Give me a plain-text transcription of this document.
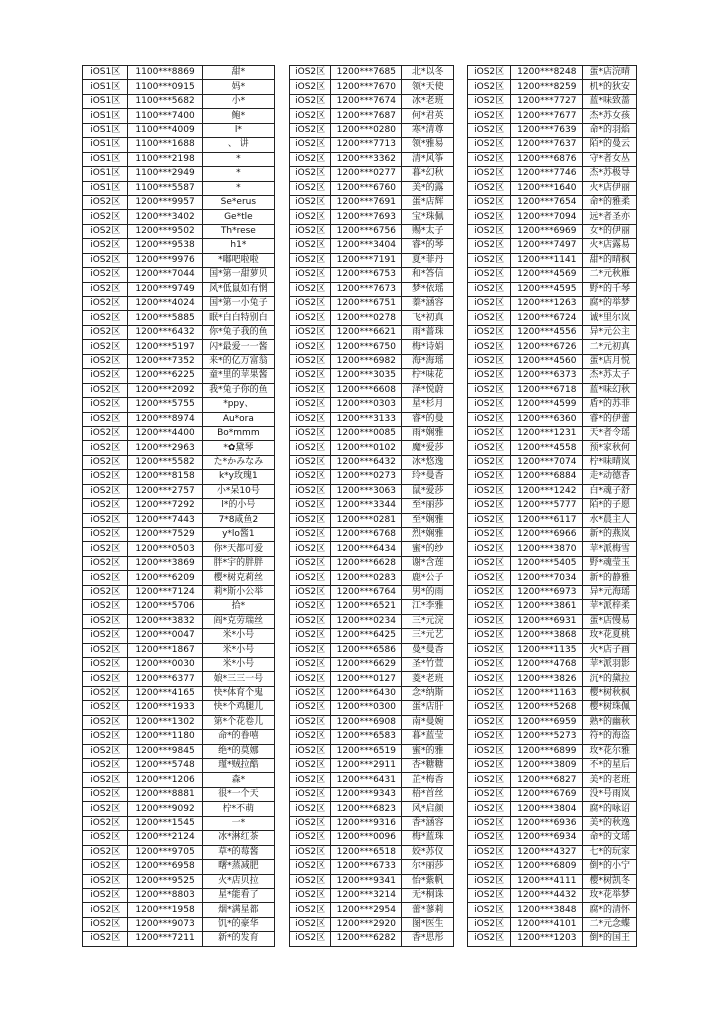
iOS1区	1100***8869	甜*
iOS1区	1100***0915	妈*
iOS1区	1100***5682	小*
iOS1区	1100***7400	鲍*
iOS1区	1100***4009	l*
iOS1区	1100***1688	、 讲
iOS1区	1100***2198	*
iOS1区	1100***2949	*
iOS1区	1100***5587	*
iOS2区	1200***9957	Se*erus
iOS2区	1200***3402	Ge*tle
iOS2区	1200***9502	Th*rese
iOS2区	1200***9538	h1*
iOS2区	1200***9976	*嘟吧啦啦
iOS2区	1200***7044	国*第一甜萝贝
iOS2区	1200***9749	风*低鼠如有惘
iOS2区	1200***4024	国*第一小兔子
iOS2区	1200***5885	眠*白白特别白
iOS2区	1200***6432	你*兔子我的鱼
iOS2区	1200***5197	闪*最爱一一酱
iOS2区	1200***7352	来*的亿万富翁
iOS2区	1200***6225	童*里的苹果酱
iOS2区	1200***2092	我*兔子你的鱼
iOS2区	1200***5755	*ppy、
iOS2区	1200***8974	Au*ora
iOS2区	1200***4400	Bo*mmm
iOS2区	1200***2963	*✿黛琴
iOS2区	1200***5582	た*かみなみ
iOS2区	1200***8158	k*y玫瑰1
iOS2区	1200***2757	小*呆10号
iOS2区	1200***7292	l*的小号
iOS2区	1200***7443	7*8咸鱼2
iOS2区	1200***7529	y*lo酱1
iOS2区	1200***0503	你*天都可爱
iOS2区	1200***3869	胖*宇的胖胖
iOS2区	1200***6209	樱*树克莉丝
iOS2区	1200***7124	莉*斯小公举
iOS2区	1200***5706	拾*
iOS2区	1200***3832	阎*克劳瑞丝
iOS2区	1200***0047	米*小号
iOS2区	1200***1867	米*小号
iOS2区	1200***0030	米*小号
iOS2区	1200***6377	娘*三三一号
iOS2区	1200***4165	快*体育个鬼
iOS2区	1200***1933	快*个鸡腿儿
iOS2区	1200***1302	第*个花卷儿
iOS2区	1200***1180	命*的眷嘻
iOS2区	1200***9845	绝*的莫娜
iOS2区	1200***5748	瑾*贼拉酷
iOS2区	1200***1206	森*
iOS2区	1200***8881	很*一个天
iOS2区	1200***9092	柠*不萌
iOS2区	1200***1545	一*
iOS2区	1200***2124	冰*淋红茶
iOS2区	1200***9705	草*的莓酱
iOS2区	1200***6958	曙*蒸减肥
iOS2区	1200***9525	火*店贝拉
iOS2区	1200***8803	星*能看了
iOS2区	1200***1958	烟*满星都
iOS2区	1200***9073	饥*的豪华
iOS2区	1200***7211	新*的发育
iOS2区	1200***7685	北*以冬
iOS2区	1200***7670	领*天使
iOS2区	1200***7674	冰*老班
iOS2区	1200***7687	何*君英
iOS2区	1200***0280	寒*清尊
iOS2区	1200***7713	领*雅易
iOS2区	1200***3362	清*风筝
iOS2区	1200***0277	暮*幻秋
iOS2区	1200***6760	美*的露
iOS2区	1200***7691	蛋*店辉
iOS2区	1200***7693	宝*珠佩
iOS2区	1200***6756	赐*太子
iOS2区	1200***3404	睿*的琴
iOS2区	1200***7191	夏*菲丹
iOS2区	1200***6753	和*答信
iOS2区	1200***7673	梦*依瑶
iOS2区	1200***6751	蓁*涵容
iOS2区	1200***0278	飞*初真
iOS2区	1200***6621	雨*蔷珠
iOS2区	1200***6750	梅*诗娟
iOS2区	1200***6982	海*海瑶
iOS2区	1200***3035	柠*味花
iOS2区	1200***6608	泽*悦蔚
iOS2区	1200***0303	星*杉月
iOS2区	1200***3133	睿*的曼
iOS2区	1200***0085	雨*娴雅
iOS2区	1200***0102	魔*爱莎
iOS2区	1200***6432	冰*悠逸
iOS2区	1200***0273	玲*曼香
iOS2区	1200***3063	鼠*爱莎
iOS2区	1200***3344	至*丽莎
iOS2区	1200***0281	至*娴雅
iOS2区	1200***6768	烈*娴雅
iOS2区	1200***6434	蜜*的纱
iOS2区	1200***6628	谢*含莲
iOS2区	1200***0283	鹿*公子
iOS2区	1200***6764	男*的雨
iOS2区	1200***6521	江*李雅
iOS2区	1200***0234	三*元浣
iOS2区	1200***6425	三*元艺
iOS2区	1200***6586	曼*曼香
iOS2区	1200***6629	圣*竹萱
iOS2区	1200***0127	菱*老班
iOS2区	1200***6430	念*纳斯
iOS2区	1200***0300	蛋*店肝
iOS2区	1200***6908	南*曼婉
iOS2区	1200***6583	暮*蓝莹
iOS2区	1200***6519	蜜*的雅
iOS2区	1200***2911	杏*糖糖
iOS2区	1200***6431	芷*梅香
iOS2区	1200***9343	梧*首丝
iOS2区	1200***6823	风*启颜
iOS2区	1200***9316	香*涵容
iOS2区	1200***0096	梅*蓝珠
iOS2区	1200***6518	姣*苏仪
iOS2区	1200***6733	尔*丽莎
iOS2区	1200***9341	怡*紫帆
iOS2区	1200***3214	无*桐诛
iOS2区	1200***2954	蕾*蓼莉
iOS2区	1200***2920	图*医生
iOS2区	1200***6282	香*思彤
iOS2区	1200***8248	蛋*店浣晴
iOS2区	1200***8259	机*的狄安
iOS2区	1200***7727	蓝*味致蔷
iOS2区	1200***7677	杰*苏女孩
iOS2区	1200***7639	命*的羽焰
iOS2区	1200***7637	陌*的曼云
iOS2区	1200***6876	守*者女丛
iOS2区	1200***7746	杰*苏极导
iOS2区	1200***1640	火*店伊丽
iOS2区	1200***7654	命*的雅柔
iOS2区	1200***7094	远*者圣亦
iOS2区	1200***6969	女*的伊丽
iOS2区	1200***7497	火*店露易
iOS2区	1200***1141	甜*的晴枫
iOS2区	1200***4569	二*元秋雁
iOS2区	1200***4595	野*的千琴
iOS2区	1200***1263	腐*的举梦
iOS2区	1200***6724	诚*里尔岚
iOS2区	1200***4556	异*元公主
iOS2区	1200***6726	二*元初真
iOS2区	1200***4560	蛋*店月悦
iOS2区	1200***6373	杰*苏太子
iOS2区	1200***6718	蓝*味幻秋
iOS2区	1200***4599	盾*的苏菲
iOS2区	1200***6360	睿*的伊蕾
iOS2区	1200***1231	天*者令瑶
iOS2区	1200***4558	预*家秋何
iOS2区	1200***7074	柠*味晴岚
iOS2区	1200***6884	走*动德香
iOS2区	1200***1242	白*魂子舒
iOS2区	1200***5777	陌*的子愿
iOS2区	1200***6117	水*晨主人
iOS2区	1200***6966	新*的燕岚
iOS2区	1200***3870	苹*派梅雪
iOS2区	1200***5405	野*魂莹玉
iOS2区	1200***7034	新*的静雅
iOS2区	1200***6973	异*元海瑶
iOS2区	1200***3861	苹*派梓柔
iOS2区	1200***6931	蛋*店慢易
iOS2区	1200***3868	玫*花夏桃
iOS2区	1200***1135	火*店子画
iOS2区	1200***4768	苹*派羽影
iOS2区	1200***3826	沉*的黛拉
iOS2区	1200***1163	樱*树秋枫
iOS2区	1200***5268	樱*树珠佩
iOS2区	1200***6959	熟*的幽秋
iOS2区	1200***5273	符*的海盗
iOS2区	1200***6899	玫*花尔雅
iOS2区	1200***3809	不*的星后
iOS2区	1200***6827	美*的老班
iOS2区	1200***6769	没*号雨岚
iOS2区	1200***3804	腐*的咏诏
iOS2区	1200***6936	美*的秋逸
iOS2区	1200***6934	命*的文瑶
iOS2区	1200***4327	七*的玩家
iOS2区	1200***6809	倒*的小宁
iOS2区	1200***4111	樱*树凯冬
iOS2区	1200***4432	玫*花举梦
iOS2区	1200***3848	腐*的清怀
iOS2区	1200***4101	二*元念蝶
iOS2区	1200***1203	倒*的国王
